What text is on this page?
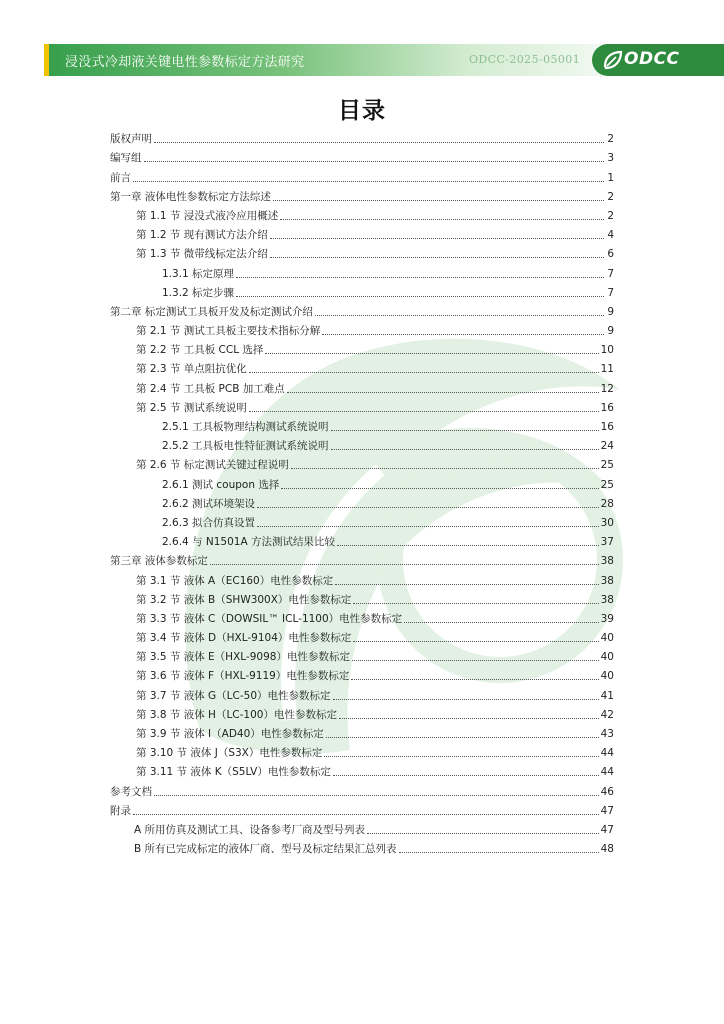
浸没式冷却液关键电性参数标定方法研究	ODCC-2025-05001	ODCC
目录
版权声明	2
编写组	3
前言	1
第一章 液体电性参数标定方法综述	2
第 1.1 节 浸没式液冷应用概述	2
第 1.2 节 现有测试方法介绍	4
第 1.3 节 微带线标定法介绍	6
1.3.1 标定原理	7
1.3.2 标定步骤	7
第二章 标定测试工具板开发及标定测试介绍	9
第 2.1 节 测试工具板主要技术指标分解	9
第 2.2 节 工具板 CCL 选择	10
第 2.3 节 单点阻抗优化	11
第 2.4 节 工具板 PCB 加工难点	12
第 2.5 节 测试系统说明	16
2.5.1 工具板物理结构测试系统说明	16
2.5.2 工具板电性特征测试系统说明	24
第 2.6 节 标定测试关键过程说明	25
2.6.1 测试 coupon 选择	25
2.6.2 测试环境架设	28
2.6.3 拟合仿真设置	30
2.6.4 与 N1501A 方法测试结果比较	37
第三章 液体参数标定	38
第 3.1 节 液体 A（EC160）电性参数标定	38
第 3.2 节 液体 B（SHW300X）电性参数标定	38
第 3.3 节 液体 C（DOWSIL™ ICL-1100）电性参数标定	39
第 3.4 节 液体 D（HXL-9104）电性参数标定	40
第 3.5 节 液体 E（HXL-9098）电性参数标定	40
第 3.6 节 液体 F（HXL-9119）电性参数标定	40
第 3.7 节 液体 G（LC-50）电性参数标定	41
第 3.8 节 液体 H（LC-100）电性参数标定	42
第 3.9 节 液体 I（AD40）电性参数标定	43
第 3.10 节 液体 J（S3X）电性参数标定	44
第 3.11 节 液体 K（S5LV）电性参数标定	44
参考文档	46
附录	47
A 所用仿真及测试工具、设备参考厂商及型号列表	47
B 所有已完成标定的液体厂商、型号及标定结果汇总列表	48
